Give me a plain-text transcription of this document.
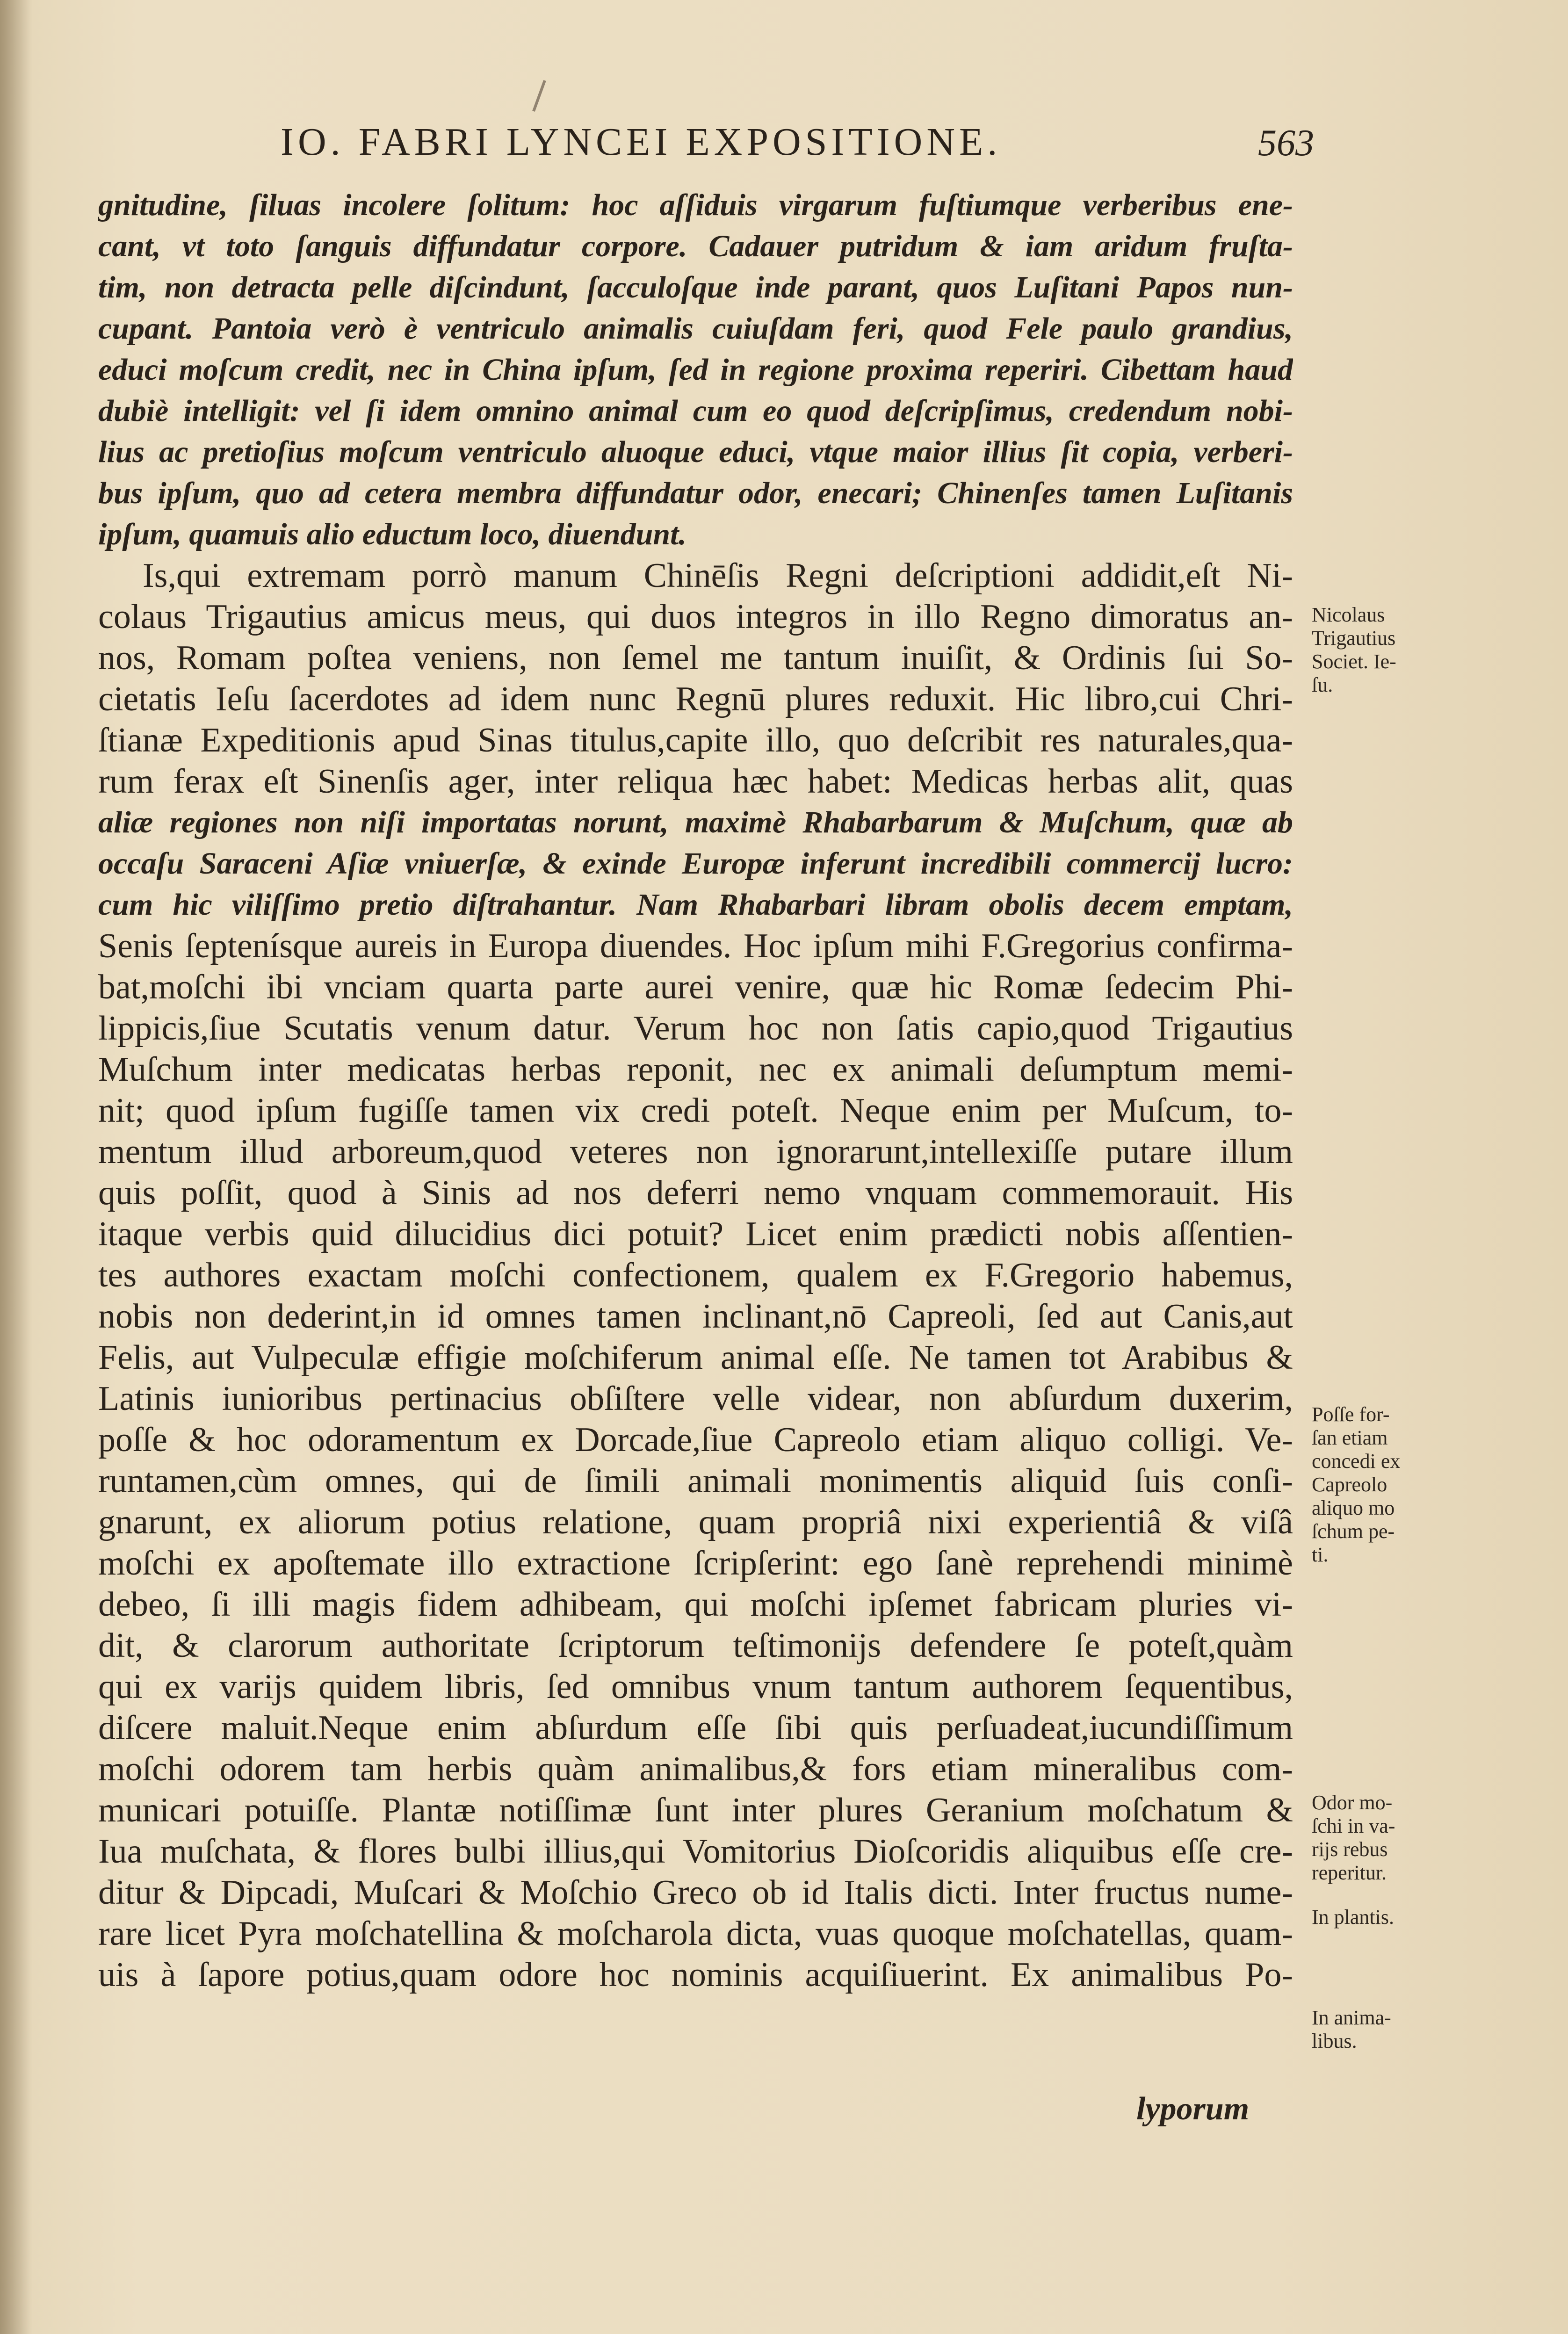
IO. FABRI LYNCEI EXPOSITIONE.	563
gnitudine, ſiluas incolere ſolitum: hoc aſſiduis virgarum fuſtiumque verberibus ene-
cant, vt toto ſanguis diffundatur corpore. Cadauer putridum & iam aridum fruſta-
tim, non detracta pelle diſcindunt, ſacculoſque inde parant, quos Luſitani Papos nun-
cupant. Pantoia verò è ventriculo animalis cuiuſdam feri, quod Fele paulo grandius,
educi moſcum credit, nec in China ipſum, ſed in regione proxima reperiri. Cibettam haud
dubiè intelligit: vel ſi idem omnino animal cum eo quod deſcripſimus, credendum nobi-
lius ac pretioſius moſcum ventriculo aluoque educi, vtque maior illius ſit copia, verberi-
bus ipſum, quo ad cetera membra diffundatur odor, enecari; Chinenſes tamen Luſitanis
ipſum, quamuis alio eductum loco, diuendunt.
Is,qui extremam porrò manum Chinēſis Regni deſcriptioni addidit,eſt Ni-
colaus Trigautius amicus meus, qui duos integros in illo Regno dimoratus an-
nos, Romam poſtea veniens, non ſemel me tantum inuiſit, & Ordinis ſui So-
cietatis Ieſu ſacerdotes ad idem nunc Regnū plures reduxit. Hic libro,cui Chri-
ſtianæ Expeditionis apud Sinas titulus,capite illo, quo deſcribit res naturales,qua-
rum ferax eſt Sinenſis ager, inter reliqua hæc habet: Medicas herbas alit, quas
aliæ regiones non niſi importatas norunt, maximè Rhabarbarum & Muſchum, quæ ab
occaſu Saraceni Aſiæ vniuerſæ, & exinde Europæ inferunt incredibili commercij lucro:
cum hic viliſſimo pretio diſtrahantur. Nam Rhabarbari libram obolis decem emptam,
Senis ſeptenísque aureis in Europa diuendes. Hoc ipſum mihi F.Gregorius confirma-
bat,moſchi ibi vnciam quarta parte aurei venire, quæ hic Romæ ſedecim Phi-
lippicis,ſiue Scutatis venum datur. Verum hoc non ſatis capio,quod Trigautius
Muſchum inter medicatas herbas reponit, nec ex animali deſumptum memi-
nit; quod ipſum fugiſſe tamen vix credi poteſt. Neque enim per Muſcum, to-
mentum illud arboreum,quod veteres non ignorarunt,intellexiſſe putare illum
quis poſſit, quod à Sinis ad nos deferri nemo vnquam commemorauit. His
itaque verbis quid dilucidius dici potuit? Licet enim prædicti nobis aſſentien-
tes authores exactam moſchi confectionem, qualem ex F.Gregorio habemus,
nobis non dederint,in id omnes tamen inclinant,nō Capreoli, ſed aut Canis,aut
Felis, aut Vulpeculæ effigie moſchiferum animal eſſe. Ne tamen tot Arabibus &
Latinis iunioribus pertinacius obſiſtere velle videar, non abſurdum duxerim,
poſſe & hoc odoramentum ex Dorcade,ſiue Capreolo etiam aliquo colligi. Ve-
runtamen,cùm omnes, qui de ſimili animali monimentis aliquid ſuis conſi-
gnarunt, ex aliorum potius relatione, quam propriâ nixi experientiâ & viſâ
moſchi ex apoſtemate illo extractione ſcripſerint: ego ſanè reprehendi minimè
debeo, ſi illi magis fidem adhibeam, qui moſchi ipſemet fabricam pluries vi-
dit, & clarorum authoritate ſcriptorum teſtimonijs defendere ſe poteſt,quàm
qui ex varijs quidem libris, ſed omnibus vnum tantum authorem ſequentibus,
diſcere maluit.Neque enim abſurdum eſſe ſibi quis perſuadeat,iucundiſſimum
moſchi odorem tam herbis quàm animalibus,& fors etiam mineralibus com-
municari potuiſſe. Plantæ notiſſimæ ſunt inter plures Geranium moſchatum &
Iua muſchata, & flores bulbi illius,qui Vomitorius Dioſcoridis aliquibus eſſe cre-
ditur & Dipcadi, Muſcari & Moſchio Greco ob id Italis dicti. Inter fructus nume-
rare licet Pyra moſchatellina & moſcharola dicta, vuas quoque moſchatellas, quam-
uis à ſapore potius,quam odore hoc nominis acquiſiuerint. Ex animalibus Po-
lyporum
Nicolaus
Trigautius
Societ. Ie-
ſu.
Poſſe for-
ſan etiam
concedi ex
Capreolo
aliquo mo
ſchum pe-
ti.
Odor mo-
ſchi in va-
rijs rebus
reperitur.
In plantis.
In anima-
libus.
